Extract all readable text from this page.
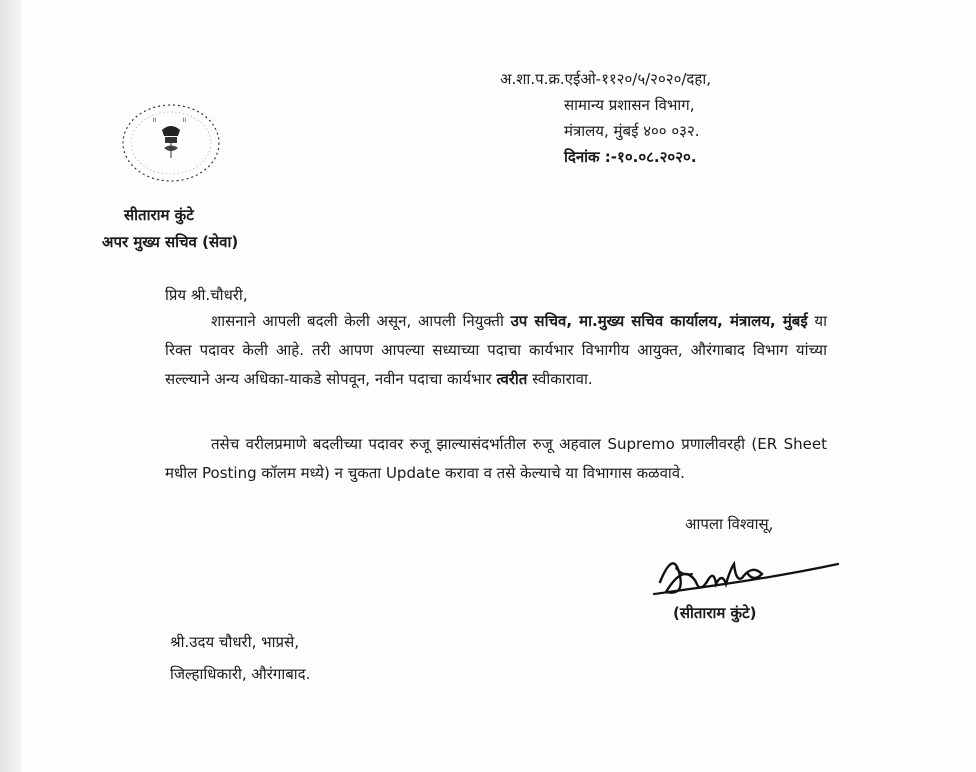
अ.शा.प.क्र.एईओ-११२०/५/२०२०/दहा,
सामान्य प्रशासन विभाग,
मंत्रालय, मुंबई ४०० ०३२.
दिनांक :-१०.०८.२०२०.
॥	॥
सीताराम कुंटे
अपर मुख्य सचिव (सेवा)
प्रिय श्री.चौधरी,
शासनाने आपली बदली केली असून, आपली नियुक्ती उप सचिव, मा.मुख्य सचिव कार्यालय, मंत्रालय, मुंबई या रिक्त पदावर केली आहे. तरी आपण आपल्या सध्याच्या पदाचा कार्यभार विभागीय आयुक्त, औरंगाबाद विभाग यांच्या सल्ल्याने अन्य अधिका-याकडे सोपवून, नवीन पदाचा कार्यभार त्वरीत स्वीकारावा.
तसेच वरीलप्रमाणे बदलीच्या पदावर रुजू झाल्यासंदर्भातील रुजू अहवाल Supremo प्रणालीवरही (ER Sheet मधील Posting कॉलम मध्ये) न चुकता Update करावा व तसे केल्याचे या विभागास कळवावे.
आपला विश्वासू,
(सीताराम कुंटे)
श्री.उदय चौधरी, भाप्रसे,
जिल्हाधिकारी, औरंगाबाद.
